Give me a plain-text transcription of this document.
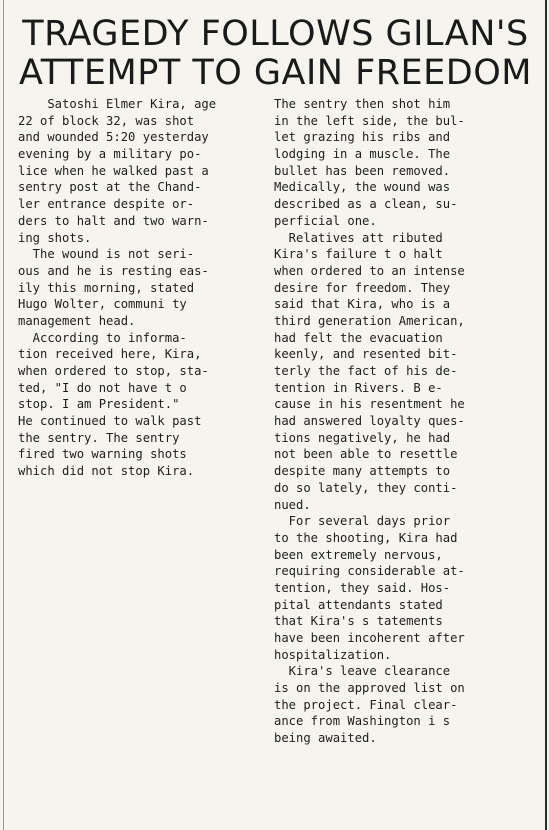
TRAGEDY FOLLOWS GILAN'S
ATTEMPT TO GAIN FREEDOM
Satoshi Elmer Kira, age
22 of block 32, was shot
and wounded 5:20 yesterday
evening by a military po-
lice when he walked past a
sentry post at the Chand-
ler entrance despite or-
ders to halt and two warn-
ing shots.
The wound is not seri-
ous and he is resting eas-
ily this morning, stated
Hugo Wolter, communi ty
management head.
According to informa-
tion received here, Kira,
when ordered to stop, sta-
ted, "I do not have t o
stop. I am President."
He continued to walk past
the sentry. The sentry
fired two warning shots
which did not stop Kira.
The sentry then shot him
in the left side, the bul-
let grazing his ribs and
lodging in a muscle. The
bullet has been removed.
Medically, the wound was
described as a clean, su-
perficial one.
Relatives att ributed
Kira's failure t o halt
when ordered to an intense
desire for freedom. They
said that Kira, who is a
third generation American,
had felt the evacuation
keenly, and resented bit-
terly the fact of his de-
tention in Rivers. B e-
cause in his resentment he
had answered loyalty ques-
tions negatively, he had
not been able to resettle
despite many attempts to
do so lately, they conti-
nued.
For several days prior
to the shooting, Kira had
been extremely nervous,
requiring considerable at-
tention, they said. Hos-
pital attendants stated
that Kira's s tatements
have been incoherent after
hospitalization.
Kira's leave clearance
is on the approved list on
the project. Final clear-
ance from Washington i s
being awaited.
